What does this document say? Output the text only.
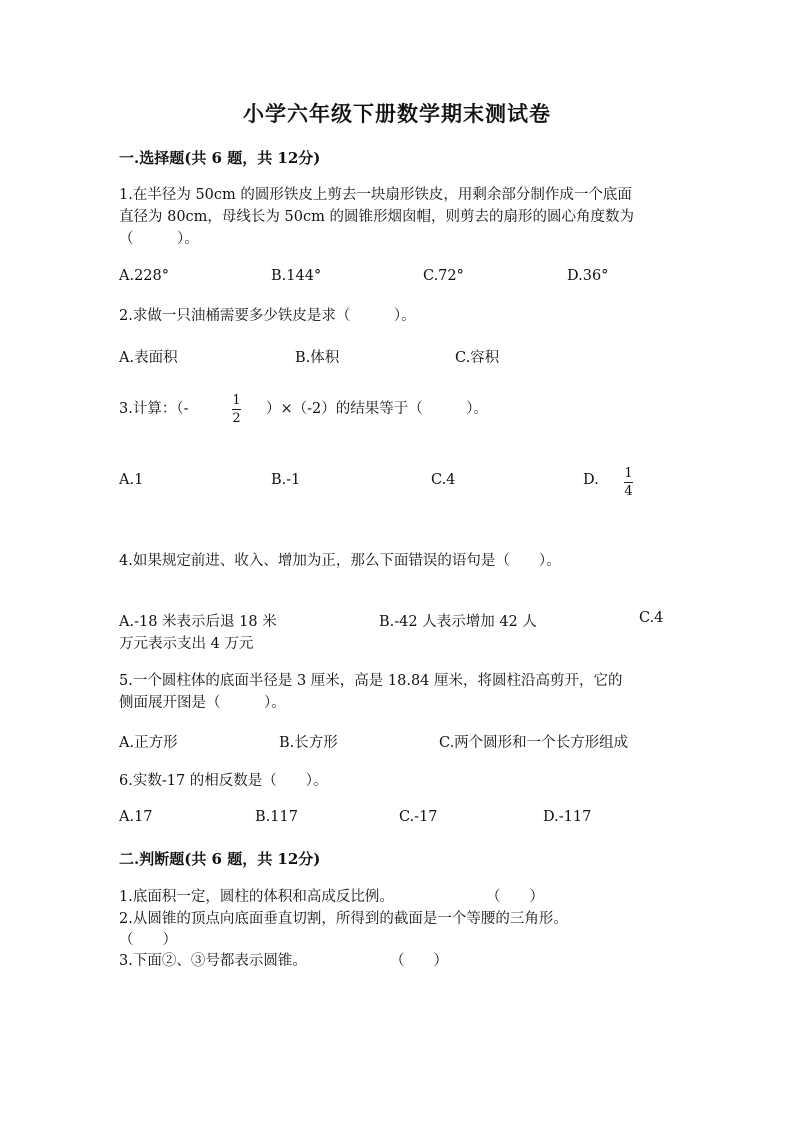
小学六年级下册数学期末测试卷
一.选择题(共 6 题，共 12分)
1.在半径为 50cm 的圆形铁皮上剪去一块扇形铁皮，用剩余部分制作成一个底面
直径为 80cm，母线长为 50cm 的圆锥形烟囱帽，则剪去的扇形的圆心角度数为
（　　　）。
A.228°	B.144°	C.72°	D.36°
2.求做一只油桶需要多少铁皮是求（　　　）。
A.表面积	B.体积	C.容积
3.计算：（-	$\frac{1}{2} )\times(-2)$的结果等于（　　　）。
A.1	B.-1	C.4	D. $\frac{1}{4}$
4.如果规定前进、收入、增加为正，那么下面错误的语句是（　　）。
A.-18 米表示后退 18 米	B.-42 人表示增加 42 人	C.4
万元表示支出 4 万元
5.一个圆柱体的底面半径是 3 厘米，高是 18.84 厘米，将圆柱沿高剪开，它的
侧面展开图是（　　　）。
A.正方形	B.长方形	C.两个圆形和一个长方形组成
6.实数-17 的相反数是（　　）。
A.17	B.117	C.-17	D.-117
二.判断题(共 6 题，共 12分)
1.底面积一定，圆柱的体积和高成反比例。	（　　）
2.从圆锥的顶点向底面垂直切割，所得到的截面是一个等腰的三角形。
（　　）
3.下面②、③号都表示圆锥。	（　　）
